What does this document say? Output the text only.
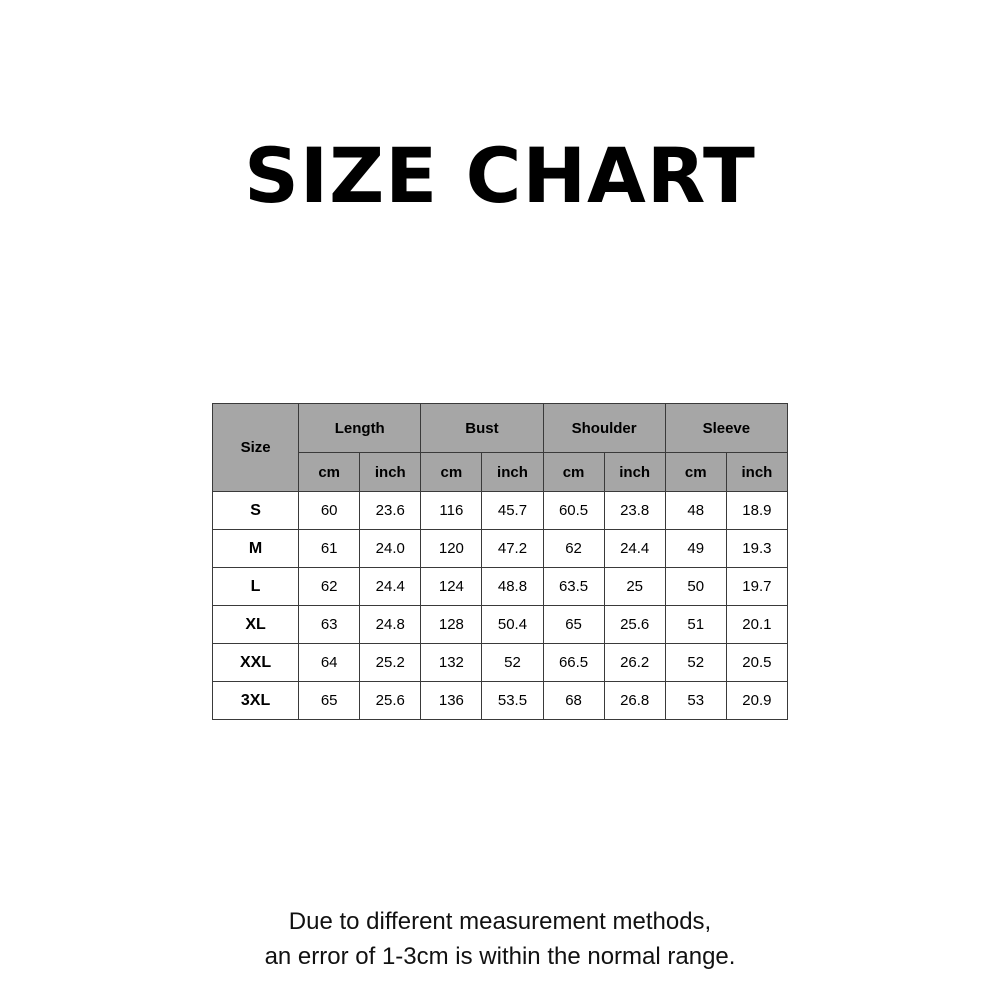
SIZE CHART
Size	Length		Bust		Shoulder		Sleeve	
	cm	inch	cm	inch	cm	inch	cm	inch
S	60	23.6	116	45.7	60.5	23.8	48	18.9
M	61	24.0	120	47.2	62	24.4	49	19.3
L	62	24.4	124	48.8	63.5	25	50	19.7
XL	63	24.8	128	50.4	65	25.6	51	20.1
XXL	64	25.2	132	52	66.5	26.2	52	20.5
3XL	65	25.6	136	53.5	68	26.8	53	20.9
Due to different measurement methods,
an error of 1-3cm is within the normal range.
